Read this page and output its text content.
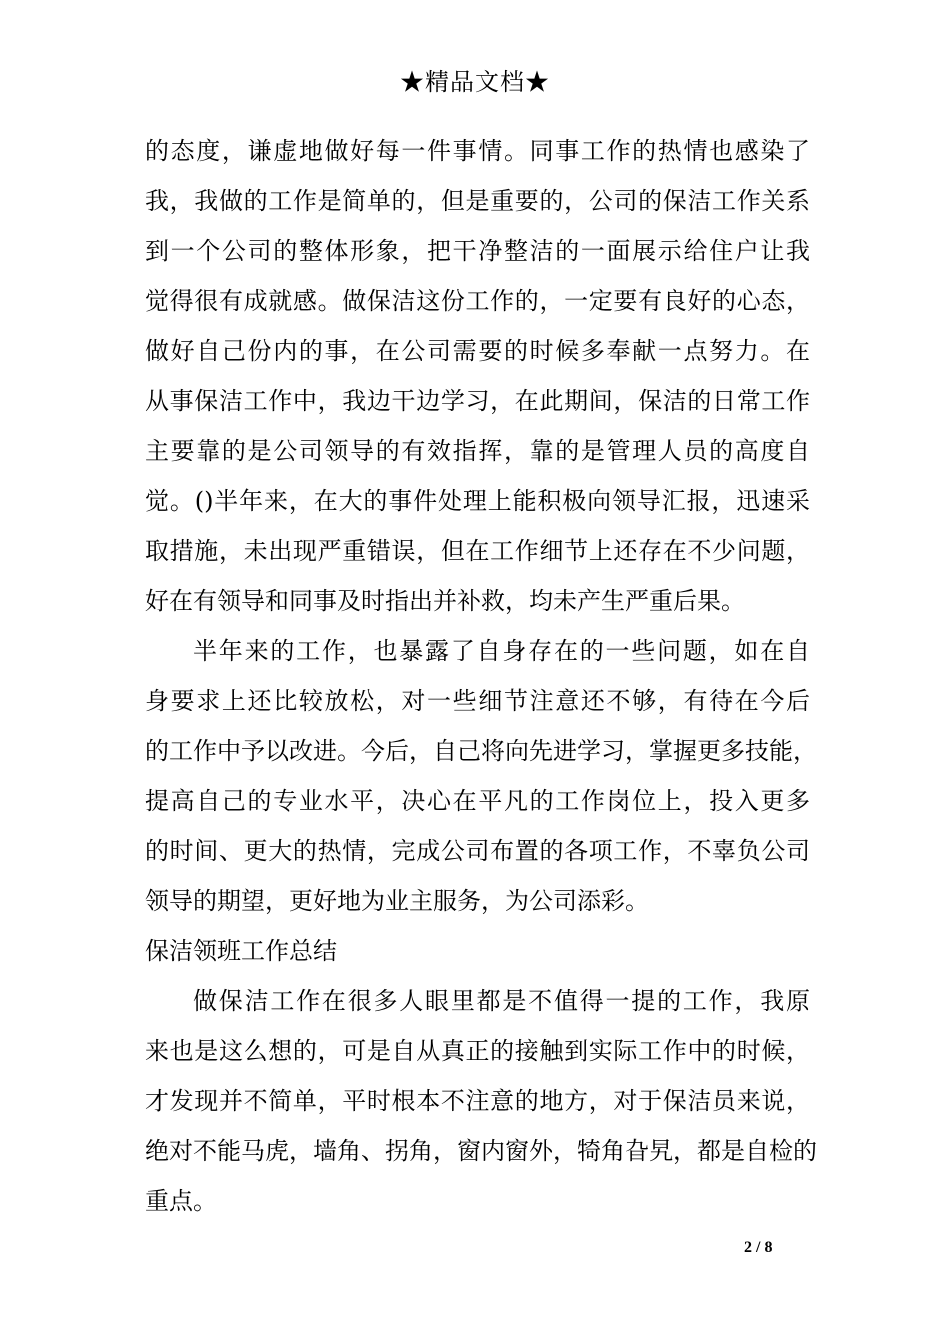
★精品文档★
的态度，谦虚地做好每一件事情。同事工作的热情也感染了
我，我做的工作是简单的，但是重要的，公司的保洁工作关系
到一个公司的整体形象，把干净整洁的一面展示给住户让我
觉得很有成就感。做保洁这份工作的，一定要有良好的心态，
做好自己份内的事，在公司需要的时候多奉献一点努力。在
从事保洁工作中，我边干边学习，在此期间，保洁的日常工作
主要靠的是公司领导的有效指挥，靠的是管理人员的高度自
觉。()半年来，在大的事件处理上能积极向领导汇报，迅速采
取措施，未出现严重错误，但在工作细节上还存在不少问题，
好在有领导和同事及时指出并补救，均未产生严重后果。
半年来的工作，也暴露了自身存在的一些问题，如在自
身要求上还比较放松，对一些细节注意还不够，有待在今后
的工作中予以改进。今后，自己将向先进学习，掌握更多技能，
提高自己的专业水平，决心在平凡的工作岗位上，投入更多
的时间、更大的热情，完成公司布置的各项工作，不辜负公司
领导的期望，更好地为业主服务，为公司添彩。
保洁领班工作总结
做保洁工作在很多人眼里都是不值得一提的工作，我原
来也是这么想的，可是自从真正的接触到实际工作中的时候，
才发现并不简单，平时根本不注意的地方，对于保洁员来说，
绝对不能马虎，墙角、拐角，窗内窗外，犄角旮旯，都是自检的
重点。
2 / 8
